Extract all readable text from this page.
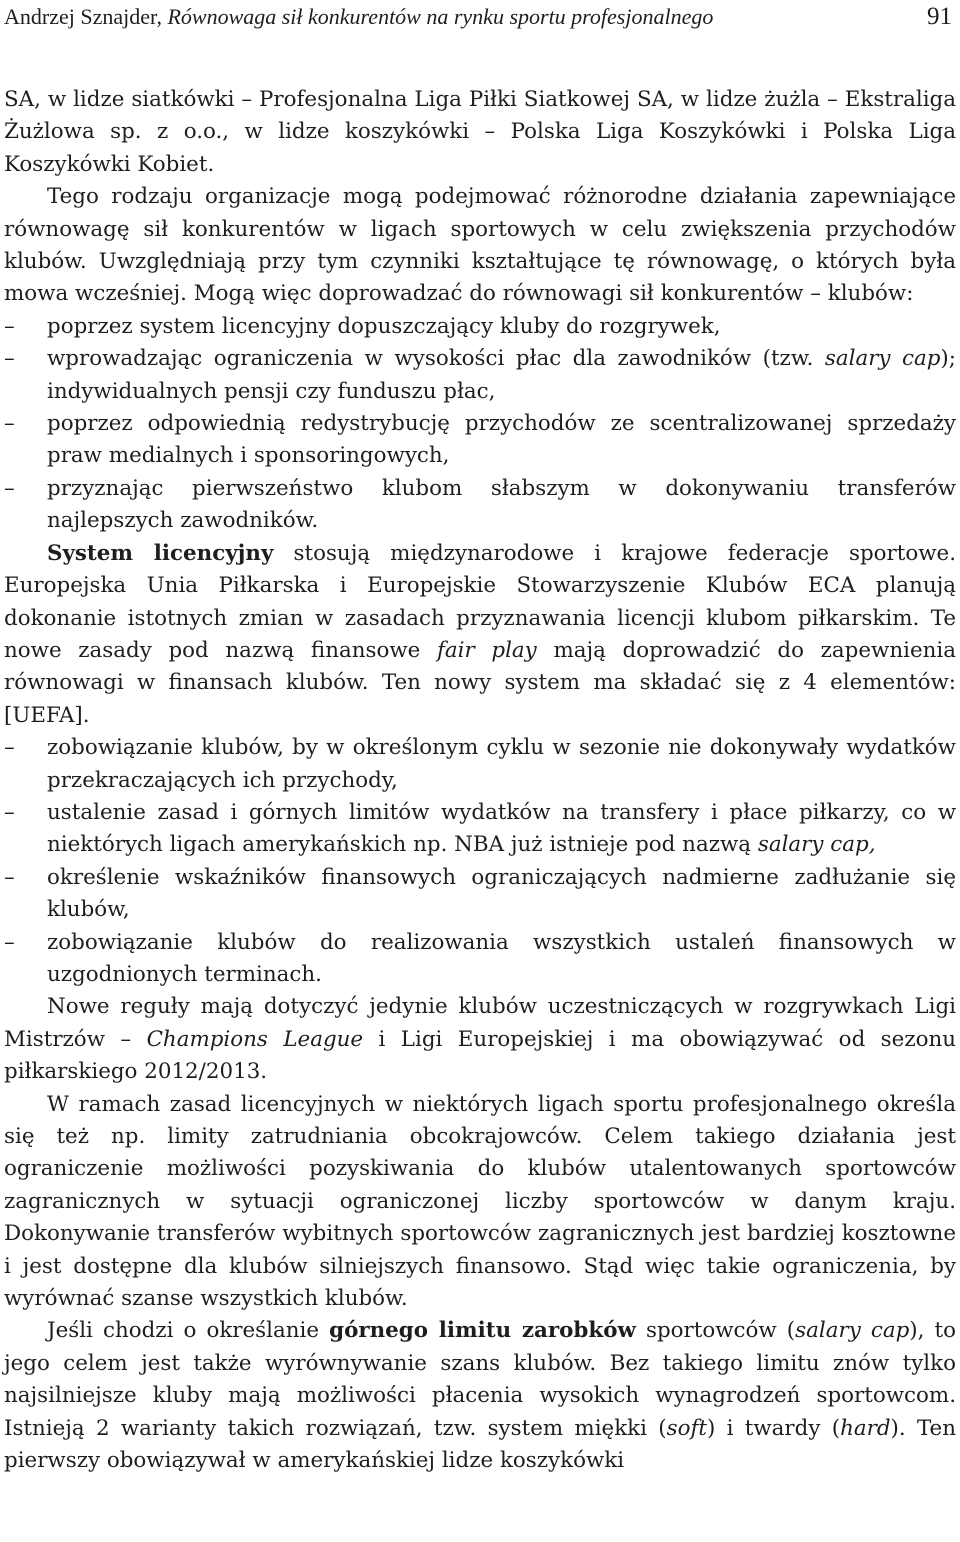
Andrzej Sznajder, Równowaga sił konkurentów na rynku sportu profesjonalnego	91

SA, w lidze siatkówki – Profesjonalna Liga Piłki Siatkowej SA, w lidze żużla – Ekstraliga Żużlowa sp. z o.o., w lidze koszykówki – Polska Liga Koszykówki i Polska Liga Koszykówki Kobiet.

Tego rodzaju organizacje mogą podejmować różnorodne działania zapewniające równowagę sił konkurentów w ligach sportowych w celu zwiększenia przychodów klubów. Uwzględniają przy tym czynniki kształtujące tę równowagę, o których była mowa wcześniej. Mogą więc doprowadzać do równowagi sił konkurentów – klubów:

– poprzez system licencyjny dopuszczający kluby do rozgrywek,

– wprowadzając ograniczenia w wysokości płac dla zawodników (tzw. salary cap); indywidualnych pensji czy funduszu płac,

– poprzez odpowiednią redystrybucję przychodów ze scentralizowanej sprzedaży praw medialnych i sponsoringowych,

– przyznając pierwszeństwo klubom słabszym w dokonywaniu transferów najlepszych zawodników.

System licencyjny stosują międzynarodowe i krajowe federacje sportowe. Europejska Unia Piłkarska i Europejskie Stowarzyszenie Klubów ECA planują dokonanie istotnych zmian w zasadach przyznawania licencji klubom piłkarskim. Te nowe zasady pod nazwą finansowe fair play mają doprowadzić do zapewnienia równowagi w finansach klubów. Ten nowy system ma składać się z 4 elementów: [UEFA].

– zobowiązanie klubów, by w określonym cyklu w sezonie nie dokonywały wydatków przekraczających ich przychody,

– ustalenie zasad i górnych limitów wydatków na transfery i płace piłkarzy, co w niektórych ligach amerykańskich np. NBA już istnieje pod nazwą salary cap,

– określenie wskaźników finansowych ograniczających nadmierne zadłużanie się klubów,

– zobowiązanie klubów do realizowania wszystkich ustaleń finansowych w uzgodnionych terminach.

Nowe reguły mają dotyczyć jedynie klubów uczestniczących w rozgrywkach Ligi Mistrzów – Champions League i Ligi Europejskiej i ma obowiązywać od sezonu piłkarskiego 2012/2013.

W ramach zasad licencyjnych w niektórych ligach sportu profesjonalnego określa się też np. limity zatrudniania obcokrajowców. Celem takiego działania jest ograniczenie możliwości pozyskiwania do klubów utalentowanych sportowców zagranicznych w sytuacji ograniczonej liczby sportowców w danym kraju. Dokonywanie transferów wybitnych sportowców zagranicznych jest bardziej kosztowne i jest dostępne dla klubów silniejszych finansowo. Stąd więc takie ograniczenia, by wyrównać szanse wszystkich klubów.

Jeśli chodzi o określanie górnego limitu zarobków sportowców (salary cap), to jego celem jest także wyrównywanie szans klubów. Bez takiego limitu znów tylko najsilniejsze kluby mają możliwości płacenia wysokich wynagrodzeń sportowcom. Istnieją 2 warianty takich rozwiązań, tzw. system miękki (soft) i twardy (hard). Ten pierwszy obowiązywał w amerykańskiej lidze koszykówki
